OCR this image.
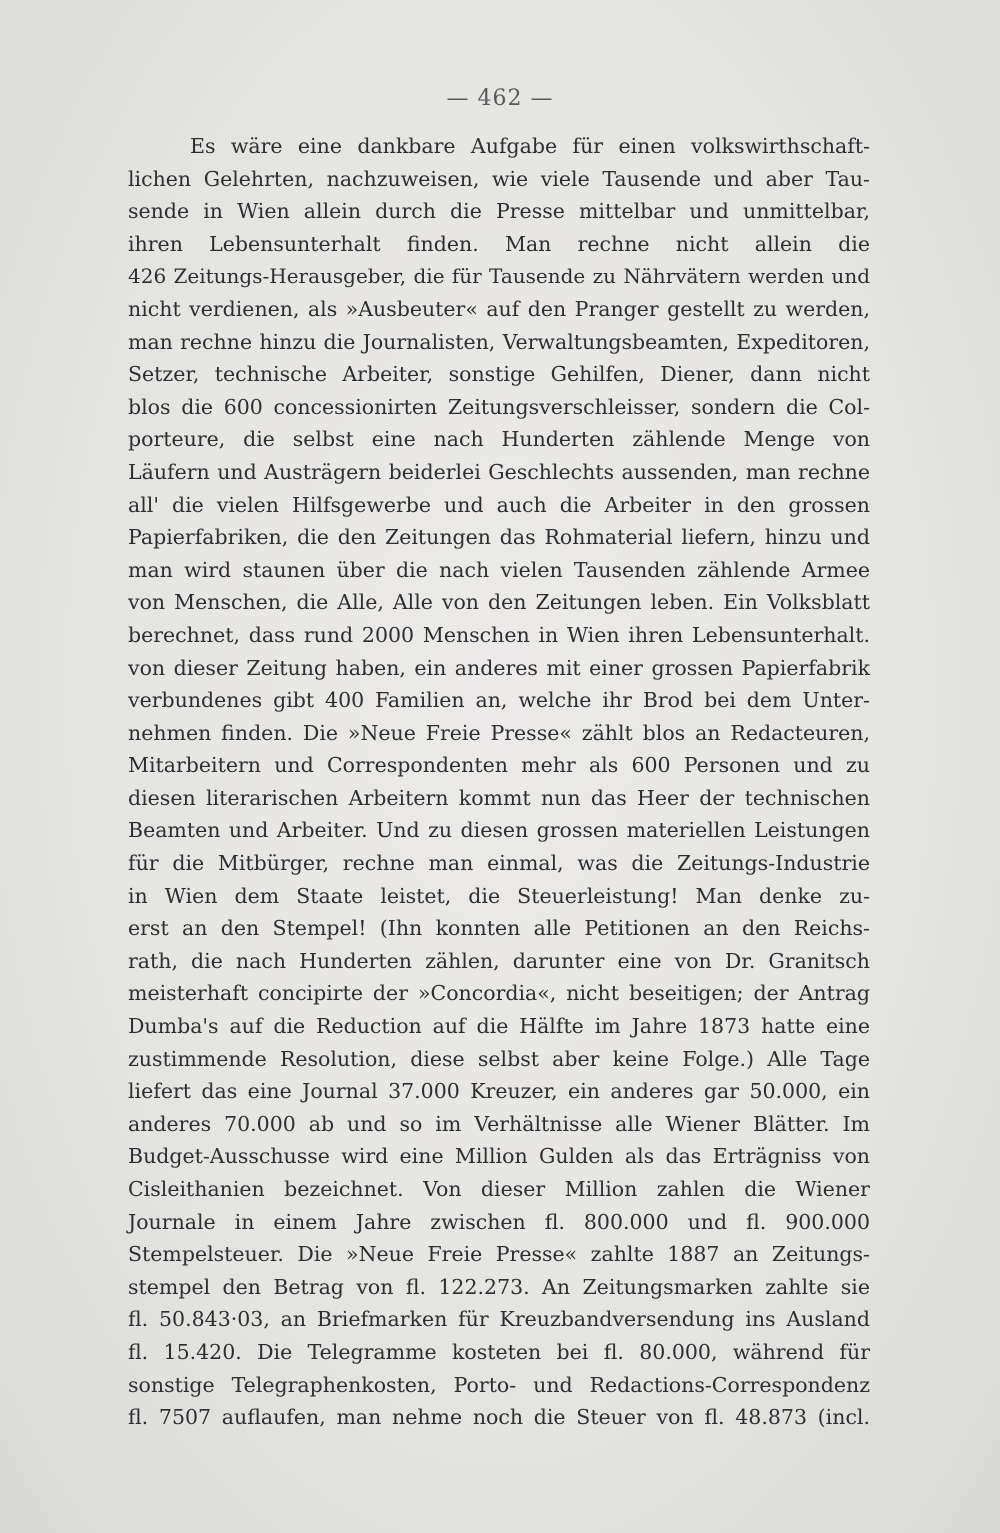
— 462 —
Es wäre eine dankbare Aufgabe für einen volkswirthschaft-
lichen Gelehrten, nachzuweisen, wie viele Tausende und aber Tau-
sende in Wien allein durch die Presse mittelbar und unmittelbar,
ihren Lebensunterhalt finden. Man rechne nicht allein die
426 Zeitungs-Herausgeber, die für Tausende zu Nährvätern werden und
nicht verdienen, als »Ausbeuter« auf den Pranger gestellt zu werden,
man rechne hinzu die Journalisten, Verwaltungsbeamten, Expeditoren,
Setzer, technische Arbeiter, sonstige Gehilfen, Diener, dann nicht
blos die 600 concessionirten Zeitungsverschleisser, sondern die Col-
porteure, die selbst eine nach Hunderten zählende Menge von
Läufern und Austrägern beiderlei Geschlechts aussenden, man rechne
all' die vielen Hilfsgewerbe und auch die Arbeiter in den grossen
Papierfabriken, die den Zeitungen das Rohmaterial liefern, hinzu und
man wird staunen über die nach vielen Tausenden zählende Armee
von Menschen, die Alle, Alle von den Zeitungen leben. Ein Volksblatt
berechnet, dass rund 2000 Menschen in Wien ihren Lebensunterhalt.
von dieser Zeitung haben, ein anderes mit einer grossen Papierfabrik
verbundenes gibt 400 Familien an, welche ihr Brod bei dem Unter-
nehmen finden. Die »Neue Freie Presse« zählt blos an Redacteuren,
Mitarbeitern und Correspondenten mehr als 600 Personen und zu
diesen literarischen Arbeitern kommt nun das Heer der technischen
Beamten und Arbeiter. Und zu diesen grossen materiellen Leistungen
für die Mitbürger, rechne man einmal, was die Zeitungs-Industrie
in Wien dem Staate leistet, die Steuerleistung! Man denke zu-
erst an den Stempel! (Ihn konnten alle Petitionen an den Reichs-
rath, die nach Hunderten zählen, darunter eine von Dr. Granitsch
meisterhaft concipirte der »Concordia«, nicht beseitigen; der Antrag
Dumba's auf die Reduction auf die Hälfte im Jahre 1873 hatte eine
zustimmende Resolution, diese selbst aber keine Folge.) Alle Tage
liefert das eine Journal 37.000 Kreuzer, ein anderes gar 50.000, ein
anderes 70.000 ab und so im Verhältnisse alle Wiener Blätter. Im
Budget-Ausschusse wird eine Million Gulden als das Erträgniss von
Cisleithanien bezeichnet. Von dieser Million zahlen die Wiener
Journale in einem Jahre zwischen fl. 800.000 und fl. 900.000
Stempelsteuer. Die »Neue Freie Presse« zahlte 1887 an Zeitungs-
stempel den Betrag von fl. 122.273. An Zeitungsmarken zahlte sie
fl. 50.843·03, an Briefmarken für Kreuzbandversendung ins Ausland
fl. 15.420. Die Telegramme kosteten bei fl. 80.000, während für
sonstige Telegraphenkosten, Porto- und Redactions-Correspondenz
fl. 7507 auflaufen, man nehme noch die Steuer von fl. 48.873 (incl.
